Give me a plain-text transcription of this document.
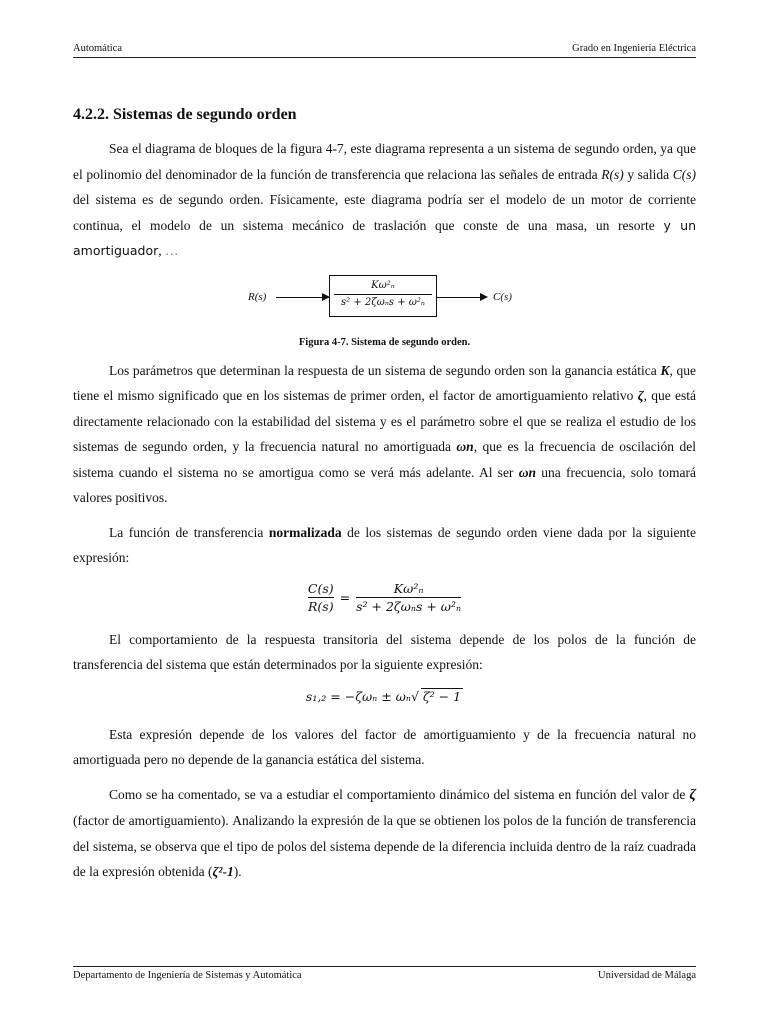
Automática	Grado en Ingeniería Eléctrica
4.2.2. Sistemas de segundo orden

Sea el diagrama de bloques de la figura 4-7, este diagrama representa a un sistema de segundo orden, ya que el polinomio del denominador de la función de transferencia que relaciona las señales de entrada R(s) y salida C(s) del sistema es de segundo orden. Físicamente, este diagrama podría ser el modelo de un motor de corriente continua, el modelo de un sistema mecánico de traslación que conste de una masa, un resorte y un amortiguador, …

R(s)
Kω²ₙ
s² + 2ζωₙs + ω²ₙ	C(s)
Figura 4-7. Sistema de segundo orden.

Los parámetros que determinan la respuesta de un sistema de segundo orden son la ganancia estática K, que tiene el mismo significado que en los sistemas de primer orden, el factor de amortiguamiento relativo ζ, que está directamente relacionado con la estabilidad del sistema y es el parámetro sobre el que se realiza el estudio de los sistemas de segundo orden, y la frecuencia natural no amortiguada ωn, que es la frecuencia de oscilación del sistema cuando el sistema no se amortigua como se verá más adelante. Al ser ωn una frecuencia, solo tomará valores positivos.

La función de transferencia normalizada de los sistemas de segundo orden viene dada por la siguiente expresión:

$\frac{C(s)}{R(s)} = \frac{\text{Kω²ₙ}}{\text{s² + 2ζωₙs + ω²ₙ}}$

El comportamiento de la respuesta transitoria del sistema depende de los polos de la función de transferencia del sistema que están determinados por la siguiente expresión:

s₁,₂ = −ζωₙ ± ωₙ√ ζ² − 1

Esta expresión depende de los valores del factor de amortiguamiento y de la frecuencia natural no amortiguada pero no depende de la ganancia estática del sistema.

Como se ha comentado, se va a estudiar el comportamiento dinámico del sistema en función del valor de ζ (factor de amortiguamiento). Analizando la expresión de la que se obtienen los polos de la función de transferencia del sistema, se observa que el tipo de polos del sistema depende de la diferencia incluida dentro de la raíz cuadrada de la expresión obtenida (ζ²-1).

Departamento de Ingeniería de Sistemas y Automática	Universidad de Málaga
